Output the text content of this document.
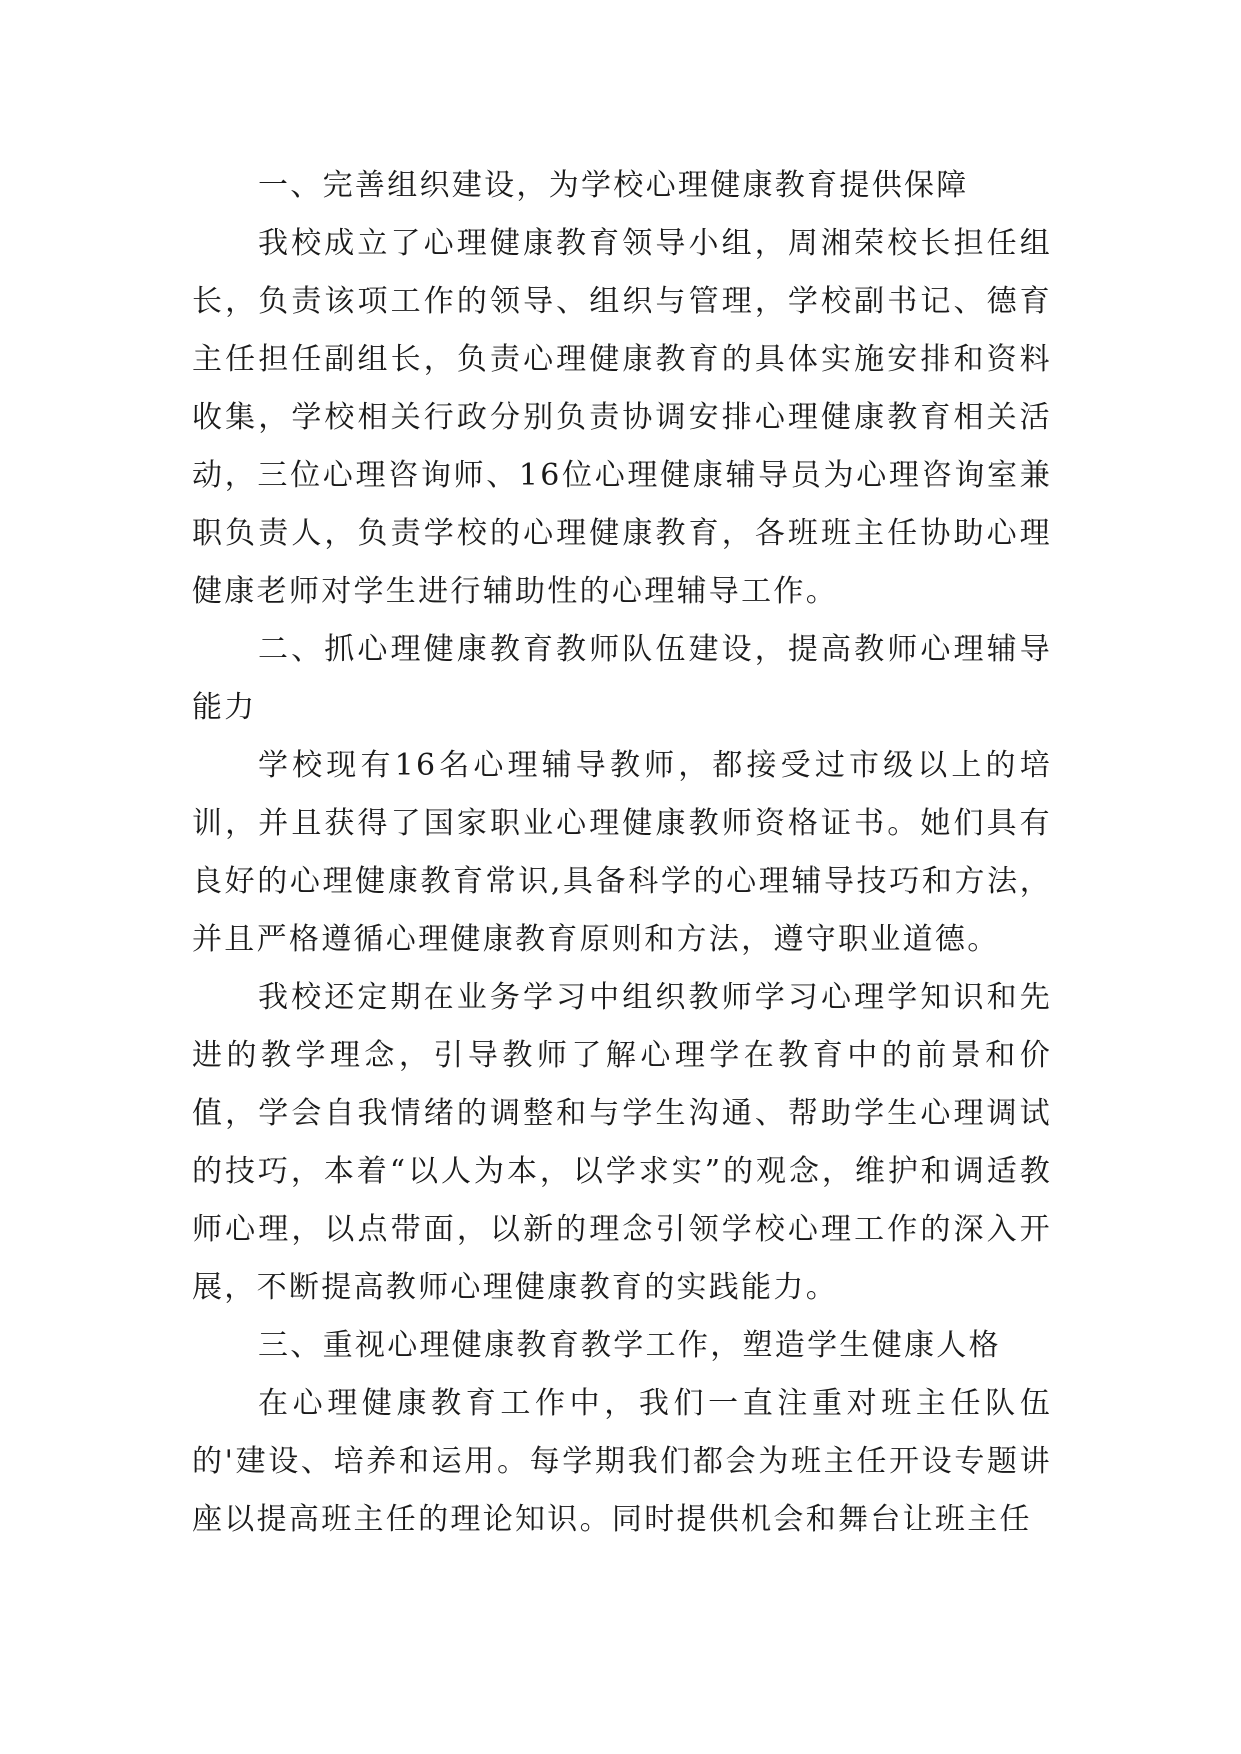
一、完善组织建设，为学校心理健康教育提供保障

我校成立了心理健康教育领导小组，周湘荣校长担任组长，负责该项工作的领导、组织与管理，学校副书记、德育主任担任副组长，负责心理健康教育的具体实施安排和资料收集，学校相关行政分别负责协调安排心理健康教育相关活动，三位心理咨询师、16位心理健康辅导员为心理咨询室兼职负责人，负责学校的心理健康教育，各班班主任协助心理健康老师对学生进行辅助性的心理辅导工作。

二、抓心理健康教育教师队伍建设，提高教师心理辅导能力

学校现有16名心理辅导教师，都接受过市级以上的培训，并且获得了国家职业心理健康教师资格证书。她们具有良好的心理健康教育常识,具备科学的心理辅导技巧和方法，并且严格遵循心理健康教育原则和方法，遵守职业道德。

我校还定期在业务学习中组织教师学习心理学知识和先进的教学理念，引导教师了解心理学在教育中的前景和价值，学会自我情绪的调整和与学生沟通、帮助学生心理调试的技巧，本着“以人为本，以学求实”的观念，维护和调适教师心理，以点带面，以新的理念引领学校心理工作的深入开展，不断提高教师心理健康教育的实践能力。

三、重视心理健康教育教学工作，塑造学生健康人格

在心理健康教育工作中，我们一直注重对班主任队伍的'建设、培养和运用。每学期我们都会为班主任开设专题讲座以提高班主任的理论知识。同时提供机会和舞台让班主任
